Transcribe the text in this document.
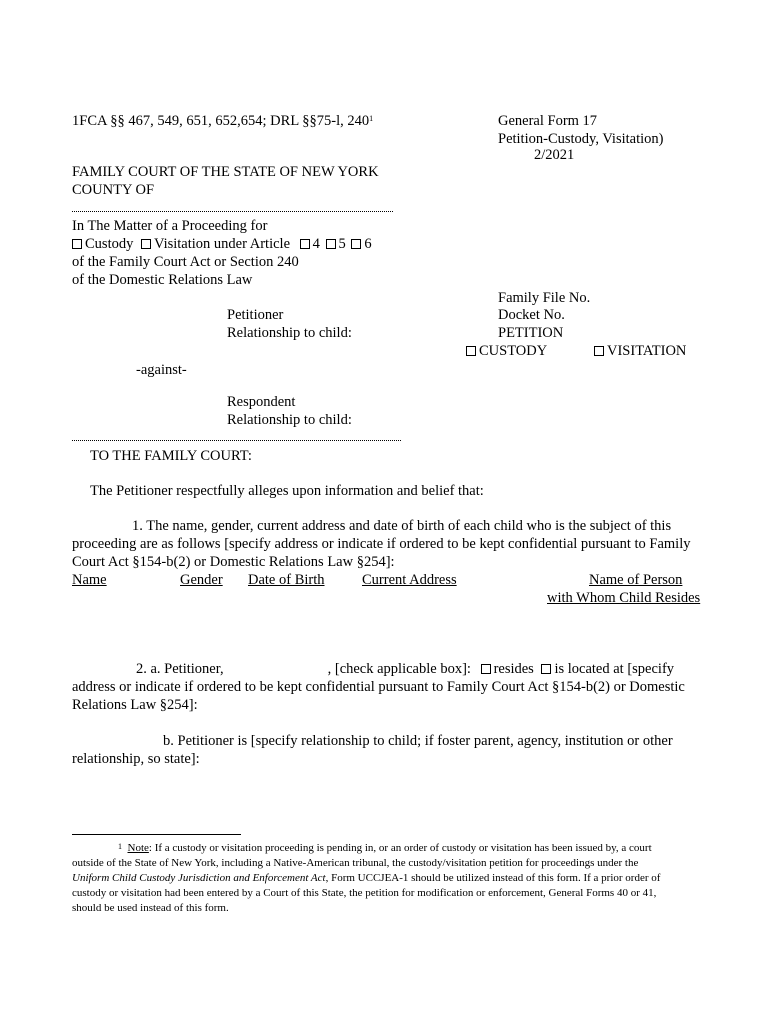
1FCA §§ 467, 549, 651, 652,654; DRL §§75-l, $240^1$	General Form 17
Petition-Custody, Visitation)
2/2021
FAMILY COURT OF THE STATE OF NEW YORK
COUNTY OF
In The Matter of a Proceeding for
Custody Visitation under Article 4 5 6
of the Family Court Act or Section 240
of the Domestic Relations Law
Petitioner
Relationship to child:
Family File No.
Docket No.
PETITION
CUSTODY	VISITATION
-against-
Respondent
Relationship to child:
TO THE FAMILY COURT:
The Petitioner respectfully alleges upon information and belief that:
1. The name, gender, current address and date of birth of each child who is the subject of this
proceeding are as follows [specify address or indicate if ordered to be kept confidential pursuant to Family
Court Act §154-b(2) or Domestic Relations Law §254]:
Name	Gender Date of Birth	Current Address	Name of Person
with Whom Child Resides
2. a. Petitioner,	, [check applicable box]: resides is located at [specify
address or indicate if ordered to be kept confidential pursuant to Family Court Act §154-b(2) or Domestic
Relations Law §254]:
b. Petitioner is [specify relationship to child; if foster parent, agency, institution or other
relationship, so state]:
$^1$ Note: If a custody or visitation proceeding is pending in, or an order of custody or visitation has been issued by, a court
outside of the State of New York, including a Native-American tribunal, the custody/visitation petition for proceedings under the
Uniform Child Custody Jurisdiction and Enforcement Act, Form UCCJEA-1 should be utilized instead of this form. If a prior order of
custody or visitation had been entered by a Court of this State, the petition for modification or enforcement, General Forms 40 or 41,
should be used instead of this form.
